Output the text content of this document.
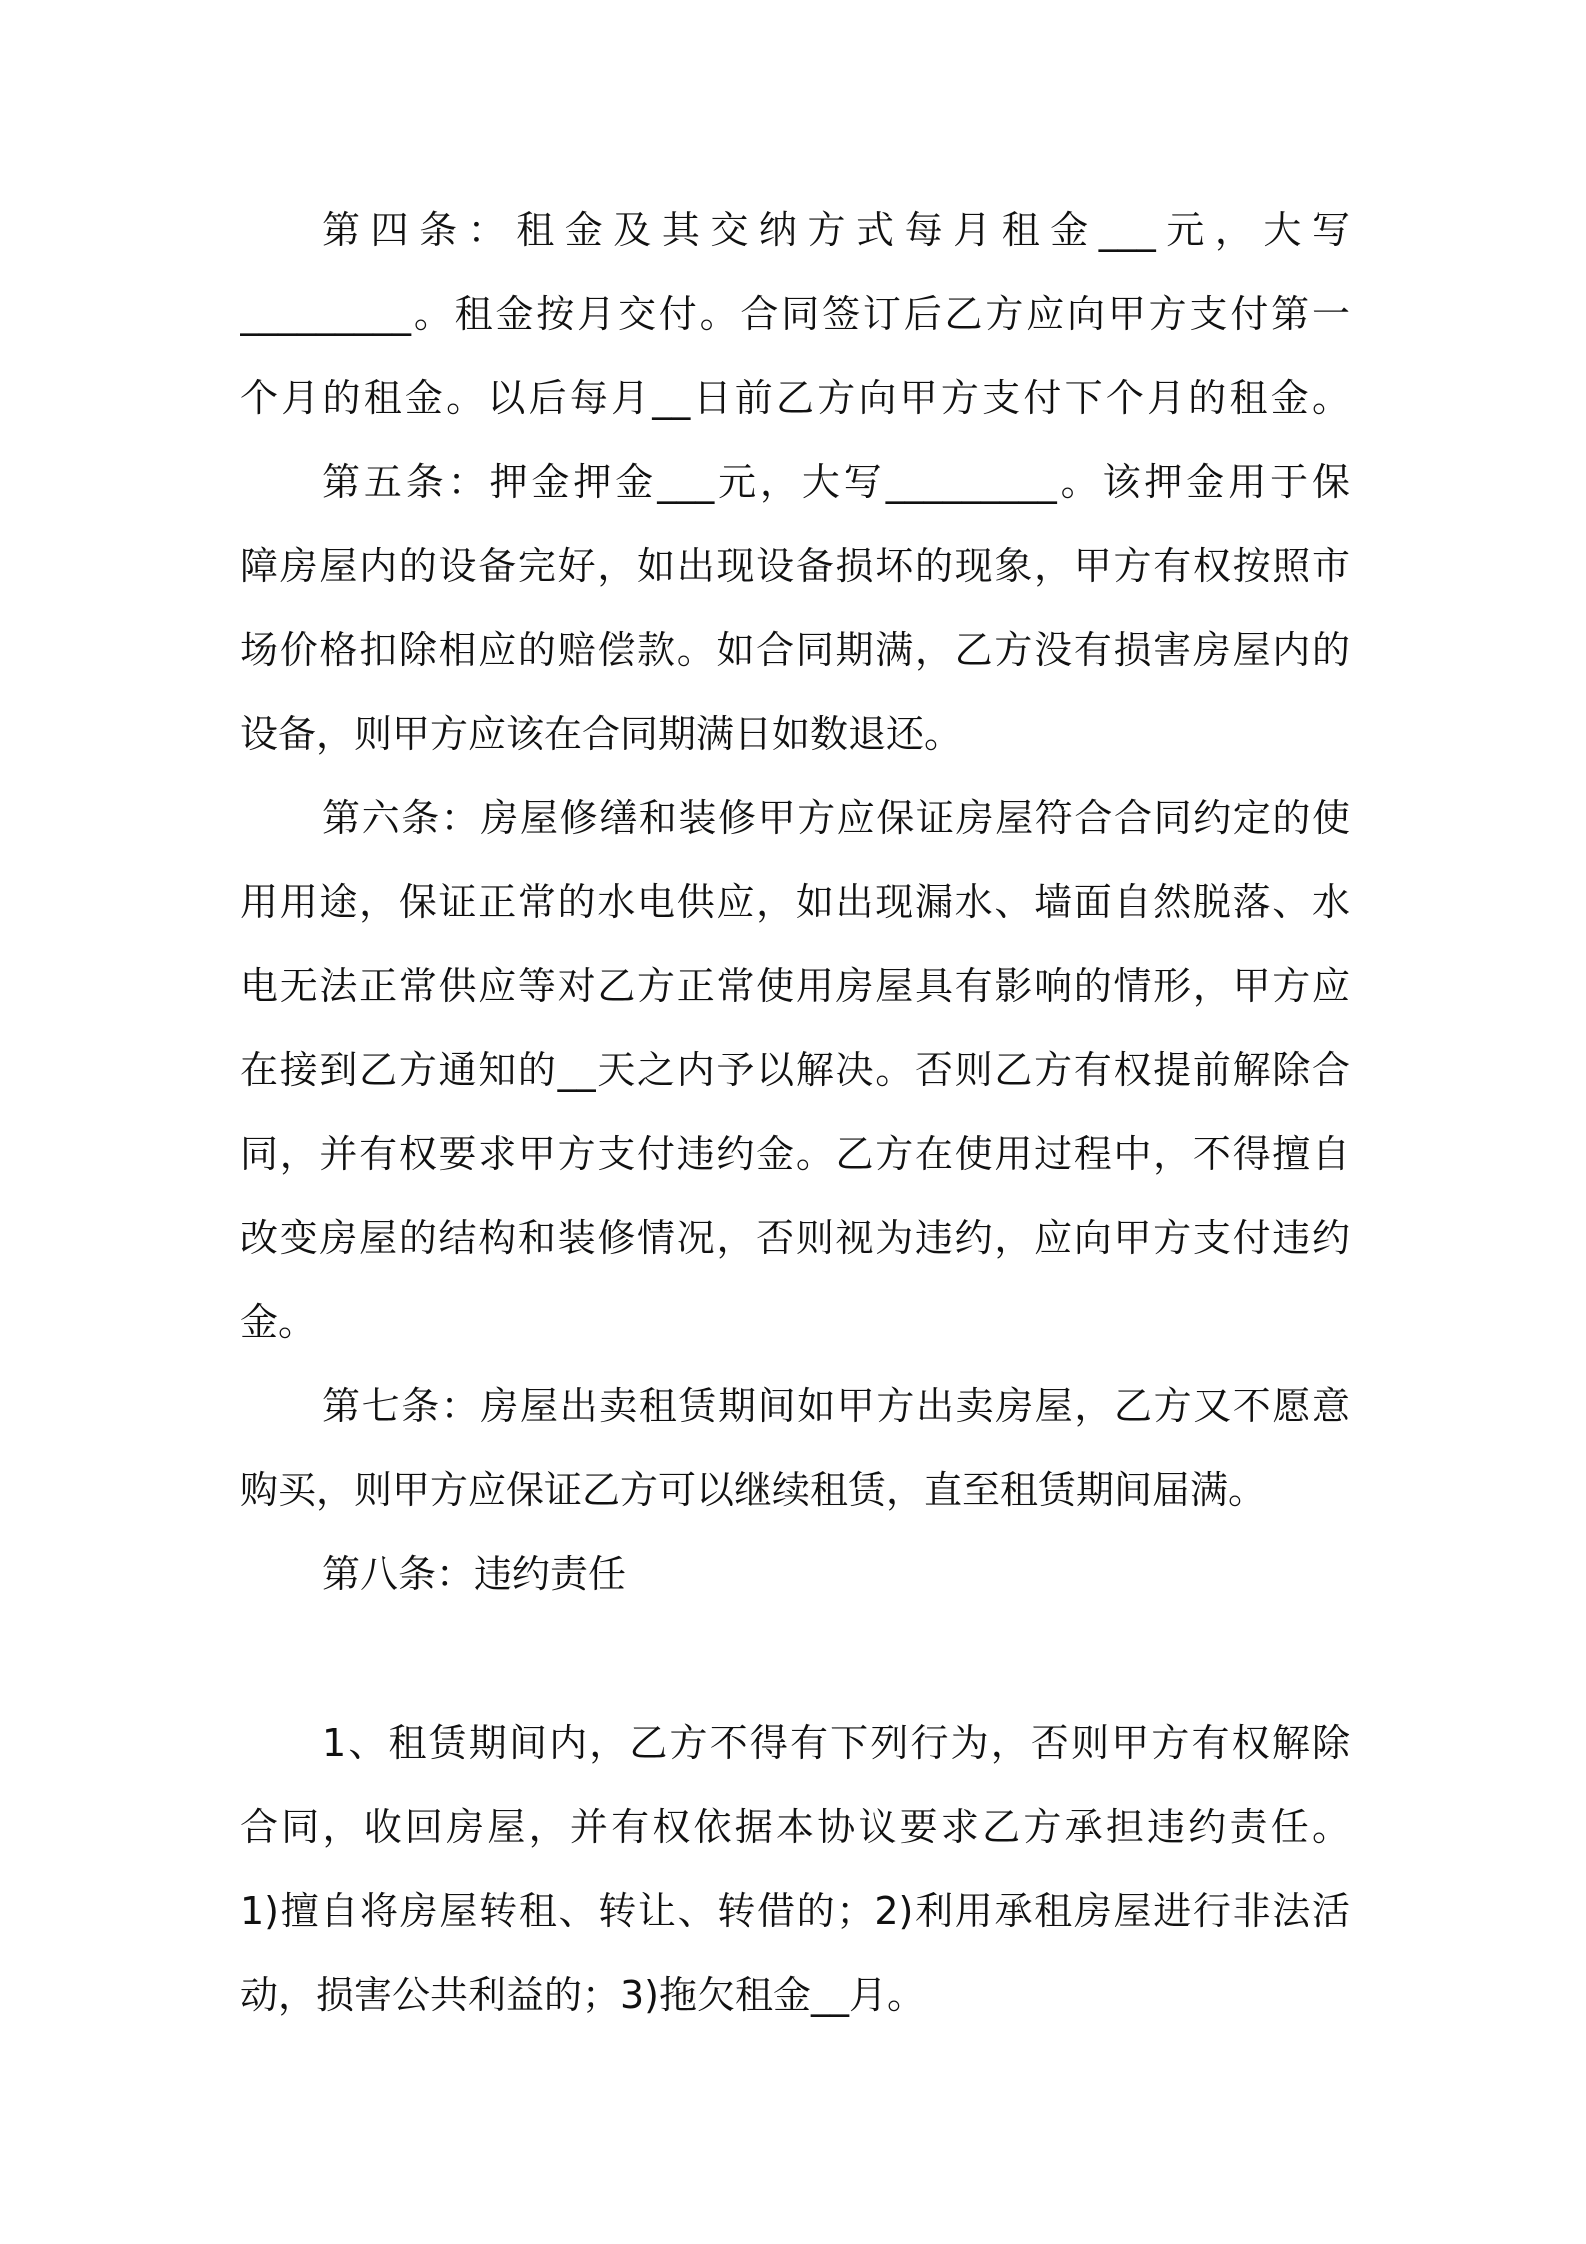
第四条：租金及其交纳方式每月租金___元，大写
_________。租金按月交付。合同签订后乙方应向甲方支付第一
个月的租金。以后每月__日前乙方向甲方支付下个月的租金。
第五条：押金押金___元，大写_________。该押金用于保
障房屋内的设备完好，如出现设备损坏的现象，甲方有权按照市
场价格扣除相应的赔偿款。如合同期满，乙方没有损害房屋内的
设备，则甲方应该在合同期满日如数退还。
第六条：房屋修缮和装修甲方应保证房屋符合合同约定的使
用用途，保证正常的水电供应，如出现漏水、墙面自然脱落、水
电无法正常供应等对乙方正常使用房屋具有影响的情形，甲方应
在接到乙方通知的__天之内予以解决。否则乙方有权提前解除合
同，并有权要求甲方支付违约金。乙方在使用过程中，不得擅自
改变房屋的结构和装修情况，否则视为违约，应向甲方支付违约
金。
第七条：房屋出卖租赁期间如甲方出卖房屋，乙方又不愿意
购买，则甲方应保证乙方可以继续租赁，直至租赁期间届满。
第八条：违约责任
1、租赁期间内，乙方不得有下列行为，否则甲方有权解除
合同，收回房屋，并有权依据本协议要求乙方承担违约责任。
1)擅自将房屋转租、转让、转借的；2)利用承租房屋进行非法活
动，损害公共利益的；3)拖欠租金__月。
